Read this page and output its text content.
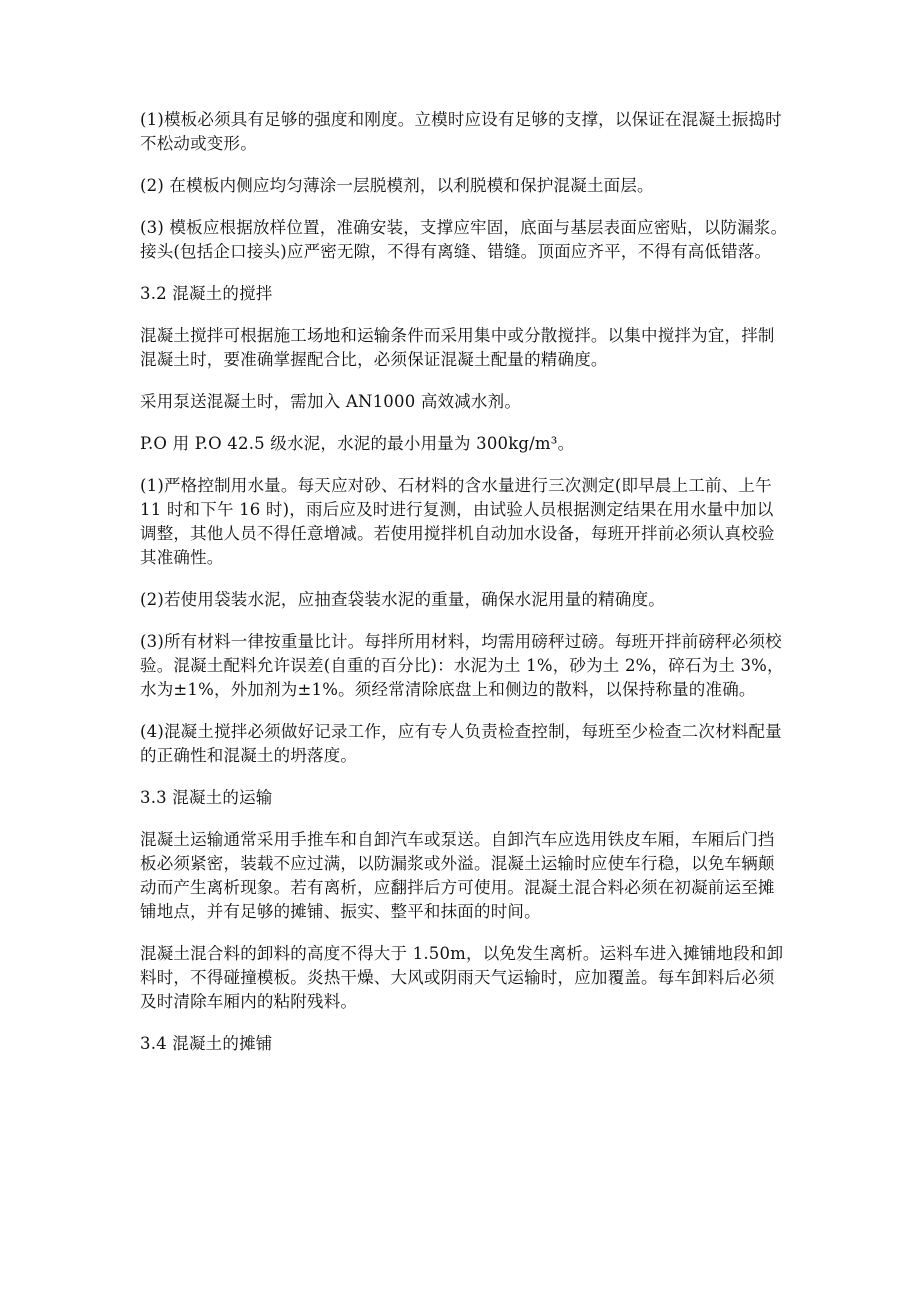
(1)模板必须具有足够的强度和刚度。立模时应设有足够的支撑，以保证在混凝土振捣时不松动或变形。

(2) 在模板内侧应均匀薄涂一层脱模剂，以利脱模和保护混凝土面层。

(3) 模板应根据放样位置，准确安装，支撑应牢固，底面与基层表面应密贴，以防漏浆。接头(包括企口接头)应严密无隙，不得有离缝、错缝。顶面应齐平，不得有高低错落。

3.2 混凝土的搅拌

混凝土搅拌可根据施工场地和运输条件而采用集中或分散搅拌。以集中搅拌为宜，拌制混凝土时，要准确掌握配合比，必须保证混凝土配量的精确度。

采用泵送混凝土时，需加入 AN1000 高效减水剂。

P.O 用 P.O 42.5 级水泥，水泥的最小用量为 300kg/m³。

(1)严格控制用水量。每天应对砂、石材料的含水量进行三次测定(即早晨上工前、上午 11 时和下午 16 时)，雨后应及时进行复测，由试验人员根据测定结果在用水量中加以调整，其他人员不得任意增减。若使用搅拌机自动加水设备，每班开拌前必须认真校验其准确性。

(2)若使用袋装水泥，应抽查袋装水泥的重量，确保水泥用量的精确度。

(3)所有材料一律按重量比计。每拌所用材料，均需用磅秤过磅。每班开拌前磅秤必须校验。混凝土配料允许误差(自重的百分比)：水泥为土 1%，砂为土 2%，碎石为土 3%，水为±1%，外加剂为±1%。须经常清除底盘上和侧边的散料，以保持称量的准确。

(4)混凝土搅拌必须做好记录工作，应有专人负责检查控制，每班至少检查二次材料配量的正确性和混凝土的坍落度。

3.3 混凝土的运输

混凝土运输通常采用手推车和自卸汽车或泵送。自卸汽车应选用铁皮车厢，车厢后门挡板必须紧密，装载不应过满，以防漏浆或外溢。混凝土运输时应使车行稳，以免车辆颠动而产生离析现象。若有离析，应翻拌后方可使用。混凝土混合料必须在初凝前运至摊铺地点，并有足够的摊铺、振实、整平和抹面的时间。

混凝土混合料的卸料的高度不得大于 1.50m，以免发生离析。运料车进入摊铺地段和卸料时，不得碰撞模板。炎热干燥、大风或阴雨天气运输时，应加覆盖。每车卸料后必须及时清除车厢内的粘附残料。

3.4 混凝土的摊铺
